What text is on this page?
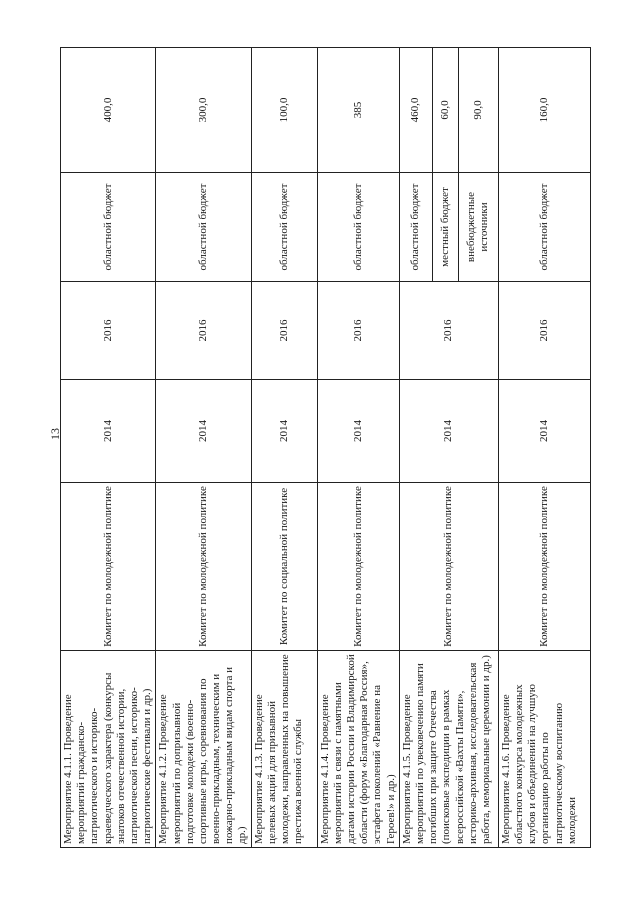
13
Мероприятие 4.1.1. Проведение мероприятий гражданско-патриотического и историко-краеведческого характера (конкурсы знатоков отечественной истории, патриотической песни, историко-патриотические фестивали и др.)	Комитет по молодежной политике	2014	2016	областной бюджет	400,0
Мероприятие 4.1.2. Проведение мероприятий по допризывной подготовке молодежи (военно-спортивные игры, соревнования по военно-прикладным, техническим и пожарно-прикладным видам спорта и др.)	Комитет по молодежной политике	2014	2016	областной бюджет	300,0
Мероприятие 4.1.3. Проведение целевых акций для призывной молодежи, направленных на повышение престижа военной службы	Комитет по социальной политике	2014	2016	областной бюджет	100,0
Мероприятие 4.1.4. Проведение мероприятий в связи с памятными датами истории России и Владимирской области (форум «Благодарная Россия», эстафета поколений «Равнение на Героев!» и др.)	Комитет по молодежной политике	2014	2016	областной бюджет	385
Мероприятие 4.1.5. Проведение мероприятий по увековечению памяти погибших при защите Отечества (поисковые экспедиции в рамках всероссийской «Вахты Памяти», историко-архивная, исследовательская работа, мемориальные церемонии и др.)	Комитет по молодежной политике	2014	2016	областной бюджет	460,0
				местный бюджет	60,0
				внебюджетные источники	90,0
Мероприятие 4.1.6. Проведение областного конкурса молодежных клубов и объединений на лучшую организацию работы по патриотическому воспитанию молодежи	Комитет по молодежной политике	2014	2016	областной бюджет	160,0
